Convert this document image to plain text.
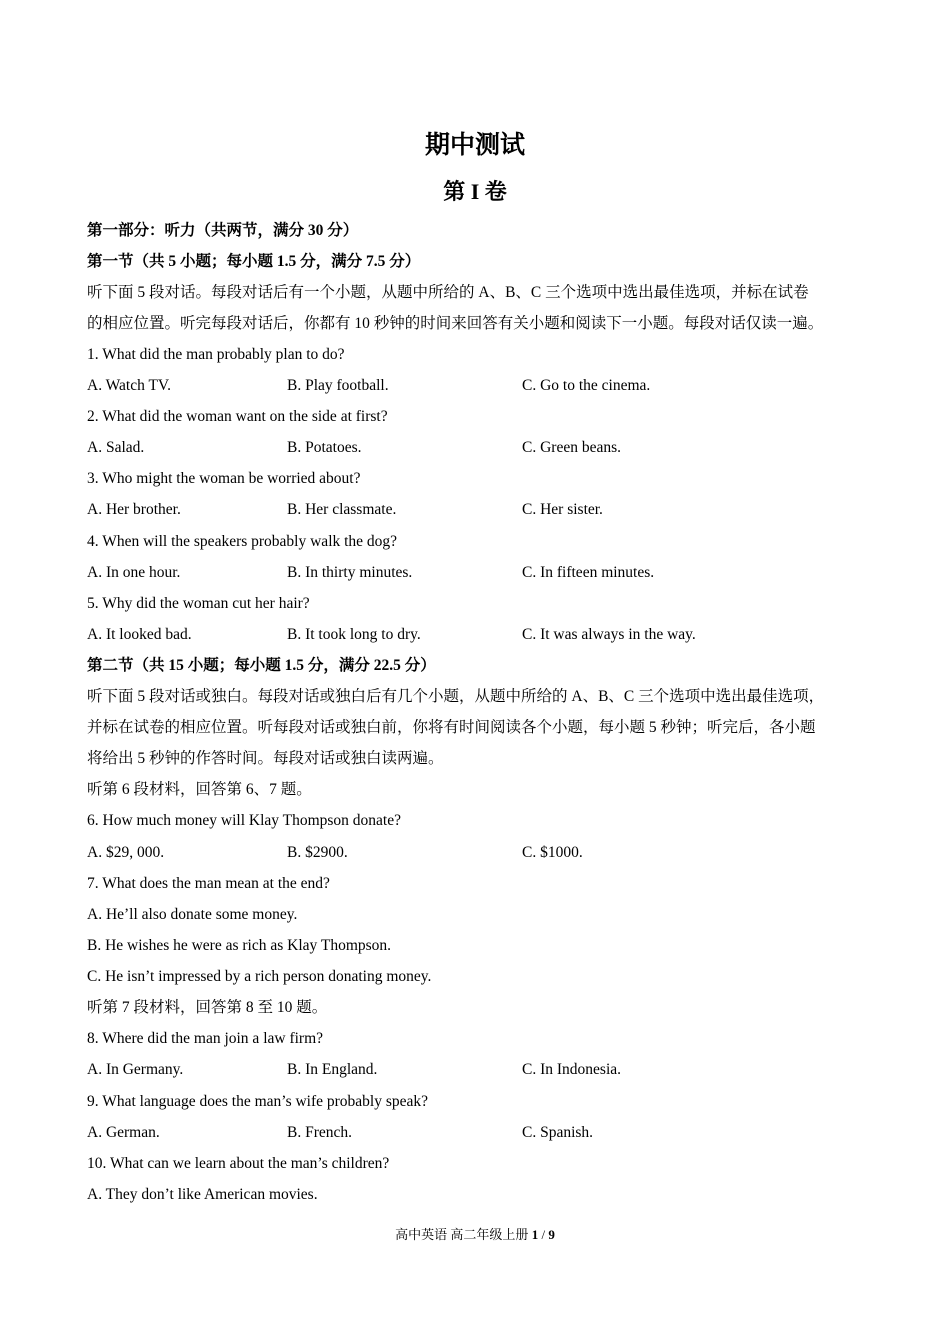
期中测试
第 I 卷
第一部分：听力（共两节，满分 30 分）
第一节（共 5 小题；每小题 1.5 分，满分 7.5 分）
听下面 5 段对话。每段对话后有一个小题，从题中所给的 A、B、C 三个选项中选出最佳选项，并标在试卷
的相应位置。听完每段对话后，你都有 10 秒钟的时间来回答有关小题和阅读下一小题。每段对话仅读一遍。
1. What did the man probably plan to do?
A. Watch TV.	B. Play football.	C. Go to the cinema.
2. What did the woman want on the side at first?
A. Salad.	B. Potatoes.	C. Green beans.
3. Who might the woman be worried about?
A. Her brother.	B. Her classmate.	C. Her sister.
4. When will the speakers probably walk the dog?
A. In one hour.	B. In thirty minutes.	C. In fifteen minutes.
5. Why did the woman cut her hair?
A. It looked bad.	B. It took long to dry.	C. It was always in the way.
第二节（共 15 小题；每小题 1.5 分，满分 22.5 分）
听下面 5 段对话或独白。每段对话或独白后有几个小题，从题中所给的 A、B、C 三个选项中选出最佳选项，
并标在试卷的相应位置。听每段对话或独白前，你将有时间阅读各个小题，每小题 5 秒钟；听完后，各小题
将给出 5 秒钟的作答时间。每段对话或独白读两遍。
听第 6 段材料，回答第 6、7 题。
6. How much money will Klay Thompson donate?
A. $29, 000.	B. $2900.	C. $1000.
7. What does the man mean at the end?
A. He’ll also donate some money.
B. He wishes he were as rich as Klay Thompson.
C. He isn’t impressed by a rich person donating money.
听第 7 段材料，回答第 8 至 10 题。
8. Where did the man join a law firm?
A. In Germany.	B. In England.	C. In Indonesia.
9. What language does the man’s wife probably speak?
A. German.	B. French.	C. Spanish.
10. What can we learn about the man’s children?
A. They don’t like American movies.
高中英语 高二年级上册 1 / 9
